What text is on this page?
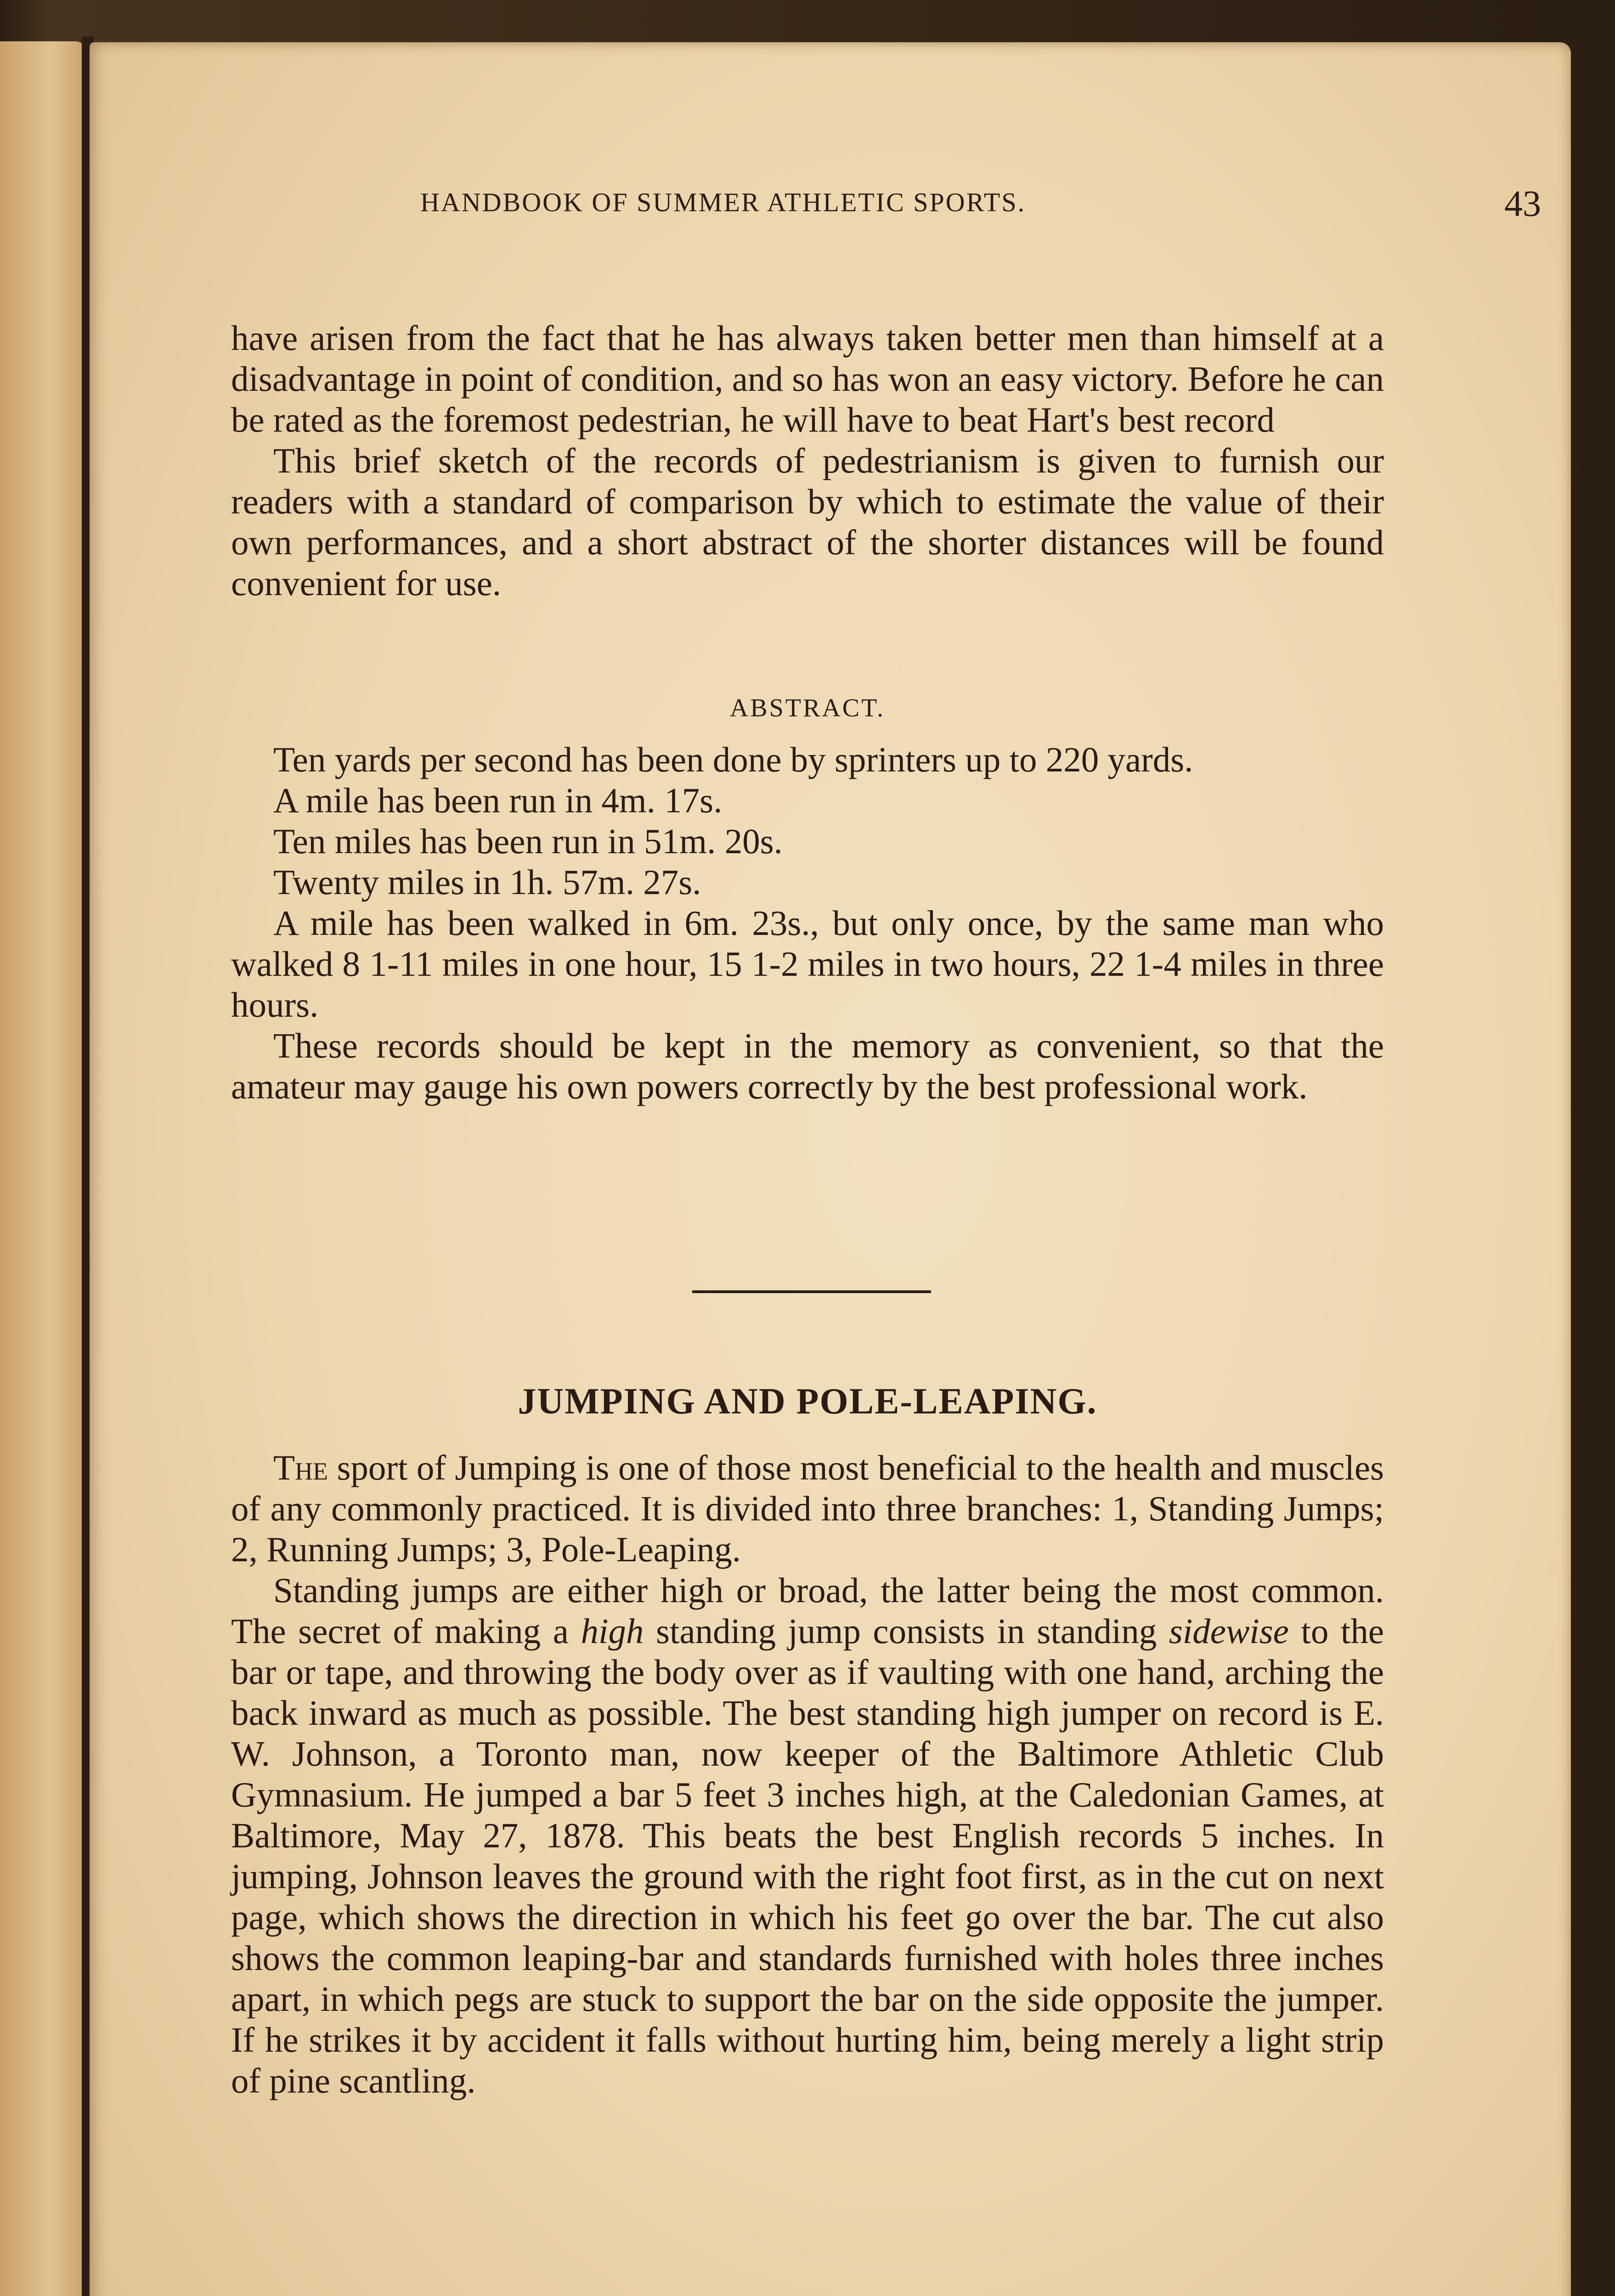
HANDBOOK OF SUMMER ATHLETIC SPORTS.	43

have arisen from the fact that he has always taken better men than himself at a disadvantage in point of condition, and so has won an easy victory. Before he can be rated as the foremost pedestrian, he will have to beat Hart's best record

This brief sketch of the records of pedestrianism is given to furnish our readers with a standard of comparison by which to estimate the value of their own performances, and a short abstract of the shorter distances will be found convenient for use.

ABSTRACT.

Ten yards per second has been done by sprinters up to 220 yards.

A mile has been run in 4m. 17s.

Ten miles has been run in 51m. 20s.

Twenty miles in 1h. 57m. 27s.

A mile has been walked in 6m. 23s., but only once, by the same man who walked 8 1-11 miles in one hour, 15 1-2 miles in two hours, 22 1-4 miles in three hours.

These records should be kept in the memory as convenient, so that the amateur may gauge his own powers correctly by the best professional work.

JUMPING AND POLE-LEAPING.

The sport of Jumping is one of those most beneficial to the health and muscles of any commonly practiced. It is divided into three branches: 1, Standing Jumps; 2, Running Jumps; 3, Pole-Leaping.

Standing jumps are either high or broad, the latter being the most common. The secret of making a high standing jump consists in standing sidewise to the bar or tape, and throwing the body over as if vaulting with one hand, arching the back inward as much as possible. The best standing high jumper on record is E. W. Johnson, a Toronto man, now keeper of the Baltimore Athletic Club Gymnasium. He jumped a bar 5 feet 3 inches high, at the Caledonian Games, at Baltimore, May 27, 1878. This beats the best English records 5 inches. In jumping, Johnson leaves the ground with the right foot first, as in the cut on next page, which shows the direction in which his feet go over the bar. The cut also shows the common leaping-bar and standards furnished with holes three inches apart, in which pegs are stuck to support the bar on the side opposite the jumper. If he strikes it by accident it falls without hurting him, being merely a light strip of pine scantling.
